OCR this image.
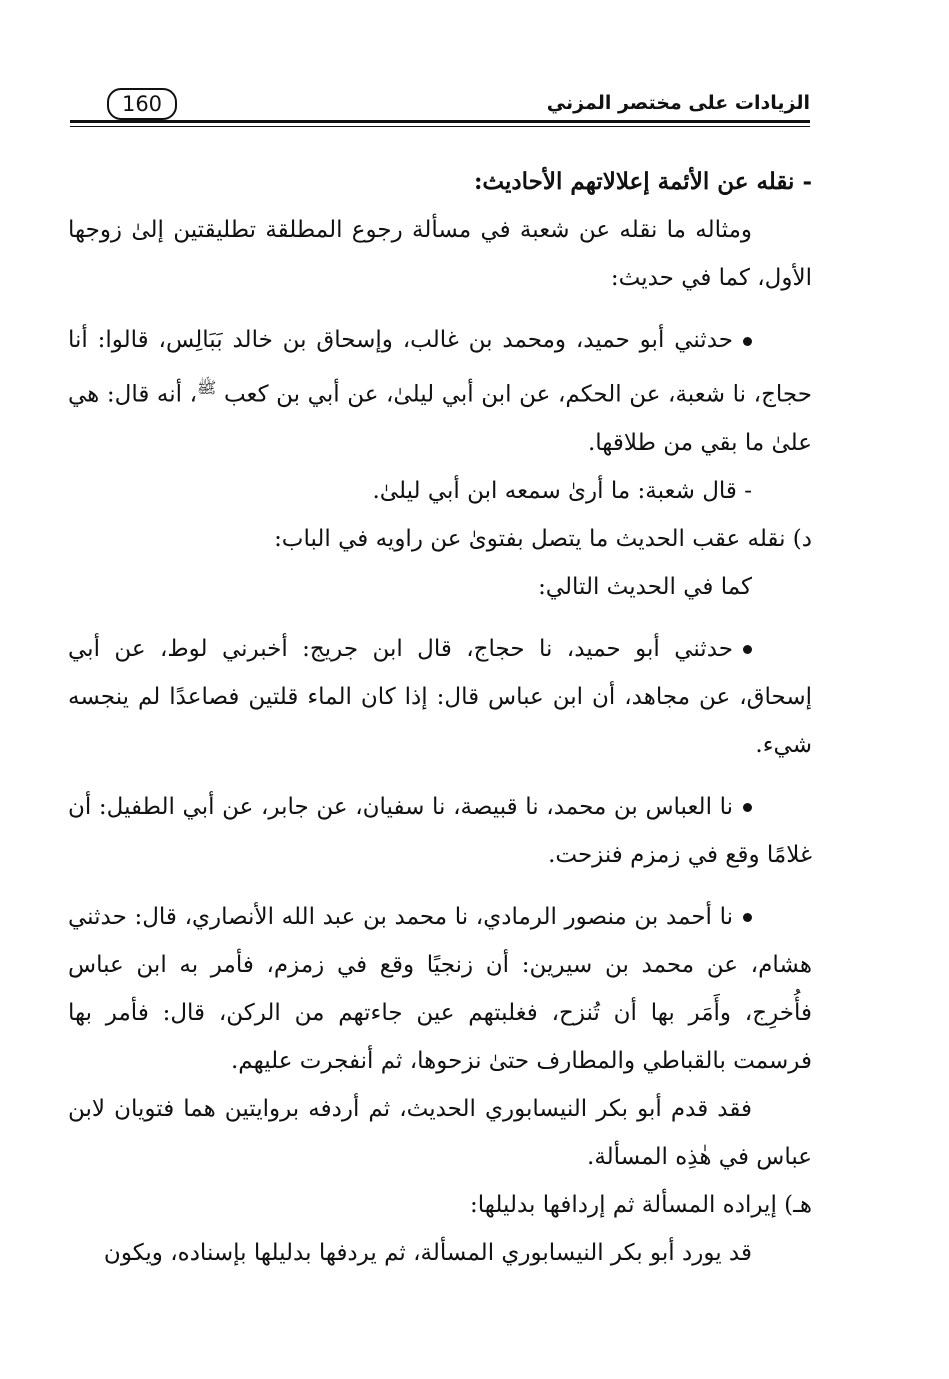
الزيادات على مختصر المزني
160

- نقله عن الأئمة إعلالاتهم الأحاديث:

ومثاله ما نقله عن شعبة في مسألة رجوع المطلقة تطليقتين إلىٰ زوجها الأول، كما في حديث:

حدثني أبو حميد، ومحمد بن غالب، وإسحاق بن خالد بَبَالِس، قالوا: أنا حجاج، نا شعبة، عن الحكم، عن ابن أبي ليلىٰ، عن أبي بن كعب $^ﷺ$، أنه قال: هي علىٰ ما بقي من طلاقها.

- قال شعبة: ما أرىٰ سمعه ابن أبي ليلىٰ.

د) نقله عقب الحديث ما يتصل بفتوىٰ عن راويه في الباب:

كما في الحديث التالي:

حدثني أبو حميد، نا حجاج، قال ابن جريج: أخبرني لوط، عن أبي إسحاق، عن مجاهد، أن ابن عباس قال: إذا كان الماء قلتين فصاعدًا لم ينجسه شيء.

نا العباس بن محمد، نا قبيصة، نا سفيان، عن جابر، عن أبي الطفيل: أن غلامًا وقع في زمزم فنزحت.

نا أحمد بن منصور الرمادي، نا محمد بن عبد الله الأنصاري، قال: حدثني هشام، عن محمد بن سيرين: أن زنجيًا وقع في زمزم، فأمر به ابن عباس فأُخرِج، وأَمَر بها أن تُنزح، فغلبتهم عين جاءتهم من الركن، قال: فأمر بها فرسمت بالقباطي والمطارف حتىٰ نزحوها، ثم أنفجرت عليهم.

فقد قدم أبو بكر النيسابوري الحديث، ثم أردفه بروايتين هما فتويان لابن عباس في هٰذِه المسألة.

هـ) إيراده المسألة ثم إردافها بدليلها:

قد يورد أبو بكر النيسابوري المسألة، ثم يردفها بدليلها بإسناده، ويكون
